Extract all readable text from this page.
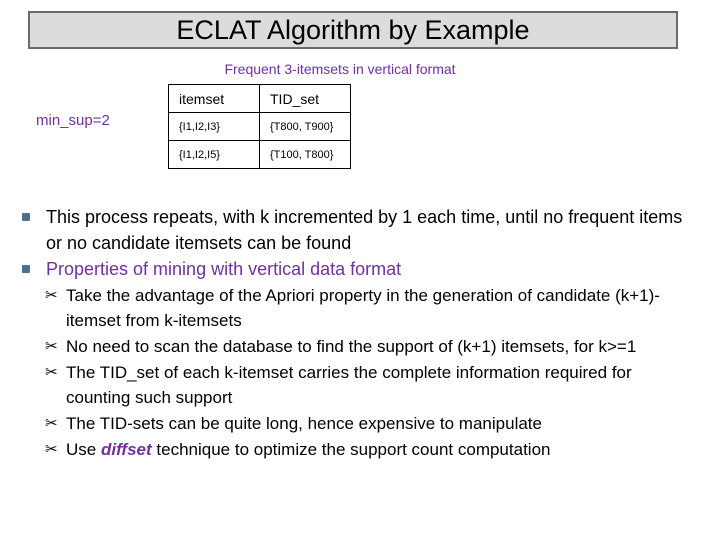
ECLAT Algorithm by Example
Frequent 3-itemsets in vertical format
min_sup=2
itemset	TID_set
{I1,I2,I3}	{T800, T900}
{I1,I2,I5}	{T100, T800}
This process repeats, with k incremented by 1 each time, until no frequent items or no candidate itemsets can be found
Properties of mining with vertical data format
✂ Take the advantage of the Apriori property in the generation of candidate (k+1)-itemset from k-itemsets
✂ No need to scan the database to find the support of (k+1) itemsets, for k>=1
✂ The TID_set of each k-itemset carries the complete information required for counting such support
✂ The TID-sets can be quite long, hence expensive to manipulate
✂ Use diffset technique to optimize the support count computation
